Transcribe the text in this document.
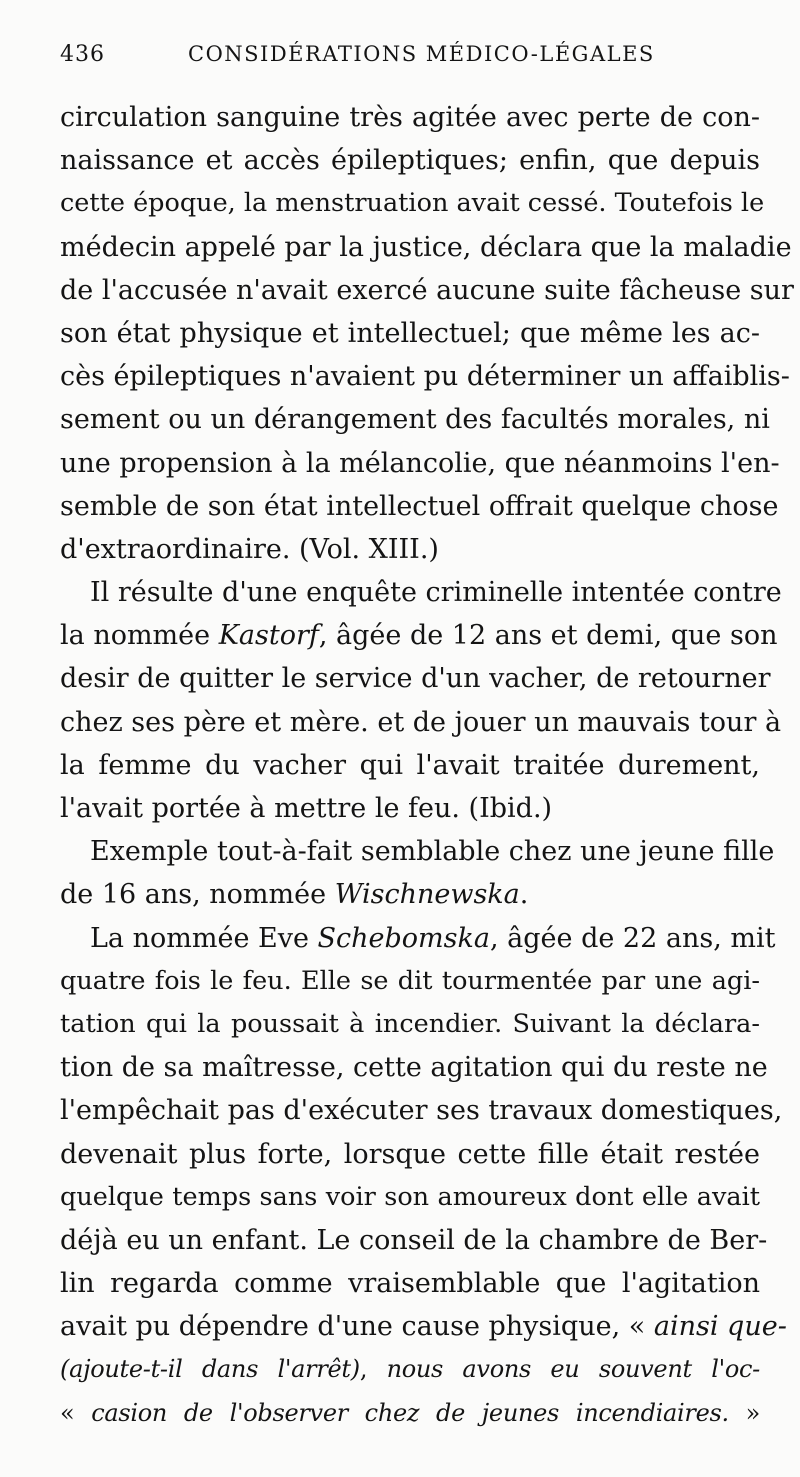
436	CONSIDÉRATIONS MÉDICO-LÉGALES
circulation sanguine très agitée avec perte de con-
naissance et accès épileptiques; enfin, que depuis
cette époque, la menstruation avait cessé. Toutefois le
médecin appelé par la justice, déclara que la maladie
de l'accusée n'avait exercé aucune suite fâcheuse sur
son état physique et intellectuel; que même les ac-
cès épileptiques n'avaient pu déterminer un affaiblis-
sement ou un dérangement des facultés morales, ni
une propension à la mélancolie, que néanmoins l'en-
semble de son état intellectuel offrait quelque chose
d'extraordinaire. (Vol. XIII.)
Il résulte d'une enquête criminelle intentée contre
la nommée Kastorf, âgée de 12 ans et demi, que son
desir de quitter le service d'un vacher, de retourner
chez ses père et mère. et de jouer un mauvais tour à
la femme du vacher qui l'avait traitée durement,
l'avait portée à mettre le feu. (Ibid.)
Exemple tout-à-fait semblable chez une jeune fille
de 16 ans, nommée Wischnewska.
La nommée Eve Schebomska, âgée de 22 ans, mit
quatre fois le feu. Elle se dit tourmentée par une agi-
tation qui la poussait à incendier. Suivant la déclara-
tion de sa maîtresse, cette agitation qui du reste ne
l'empêchait pas d'exécuter ses travaux domestiques,
devenait plus forte, lorsque cette fille était restée
quelque temps sans voir son amoureux dont elle avait
déjà eu un enfant. Le conseil de la chambre de Ber-
lin regarda comme vraisemblable que l'agitation
avait pu dépendre d'une cause physique, « ainsi que-
(ajoute-t-il dans l'arrêt), nous avons eu souvent l'oc-
« casion de l'observer chez de jeunes incendiaires. »
